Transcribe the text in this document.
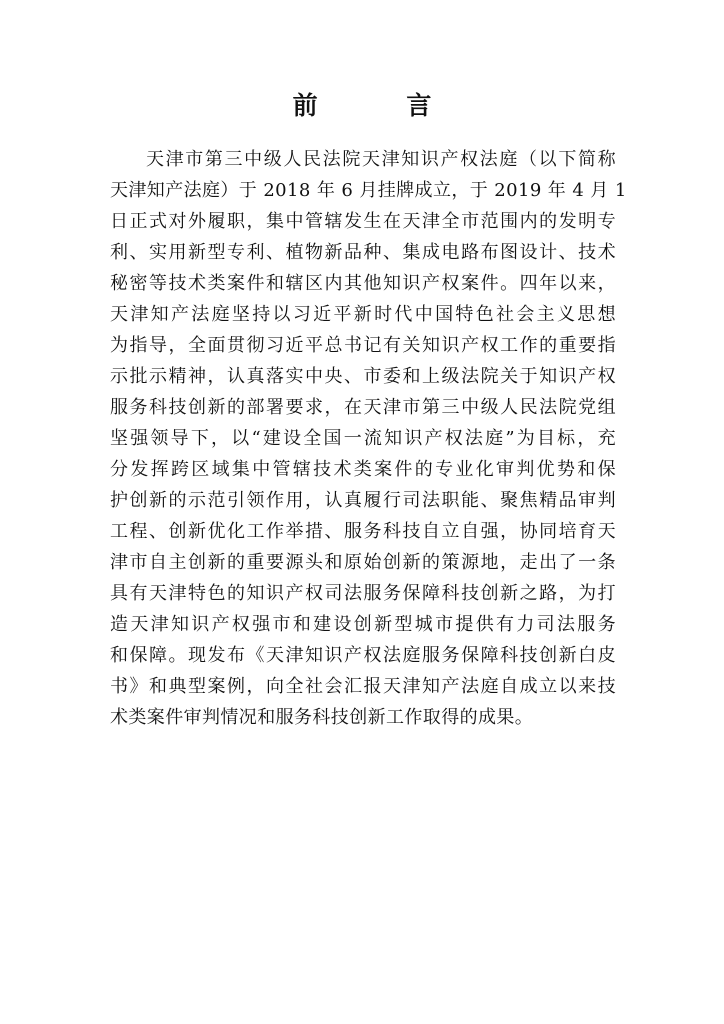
前 言
天津市第三中级人民法院天津知识产权法庭（以下简称
天津知产法庭）于 2018 年 6 月挂牌成立，于 2019 年 4 月 1
日正式对外履职，集中管辖发生在天津全市范围内的发明专
利、实用新型专利、植物新品种、集成电路布图设计、技术
秘密等技术类案件和辖区内其他知识产权案件。四年以来，
天津知产法庭坚持以习近平新时代中国特色社会主义思想
为指导，全面贯彻习近平总书记有关知识产权工作的重要指
示批示精神，认真落实中央、市委和上级法院关于知识产权
服务科技创新的部署要求，在天津市第三中级人民法院党组
坚强领导下，以“建设全国一流知识产权法庭”为目标，充
分发挥跨区域集中管辖技术类案件的专业化审判优势和保
护创新的示范引领作用，认真履行司法职能、聚焦精品审判
工程、创新优化工作举措、服务科技自立自强，协同培育天
津市自主创新的重要源头和原始创新的策源地，走出了一条
具有天津特色的知识产权司法服务保障科技创新之路，为打
造天津知识产权强市和建设创新型城市提供有力司法服务
和保障。现发布《天津知识产权法庭服务保障科技创新白皮
书》和典型案例，向全社会汇报天津知产法庭自成立以来技
术类案件审判情况和服务科技创新工作取得的成果。
